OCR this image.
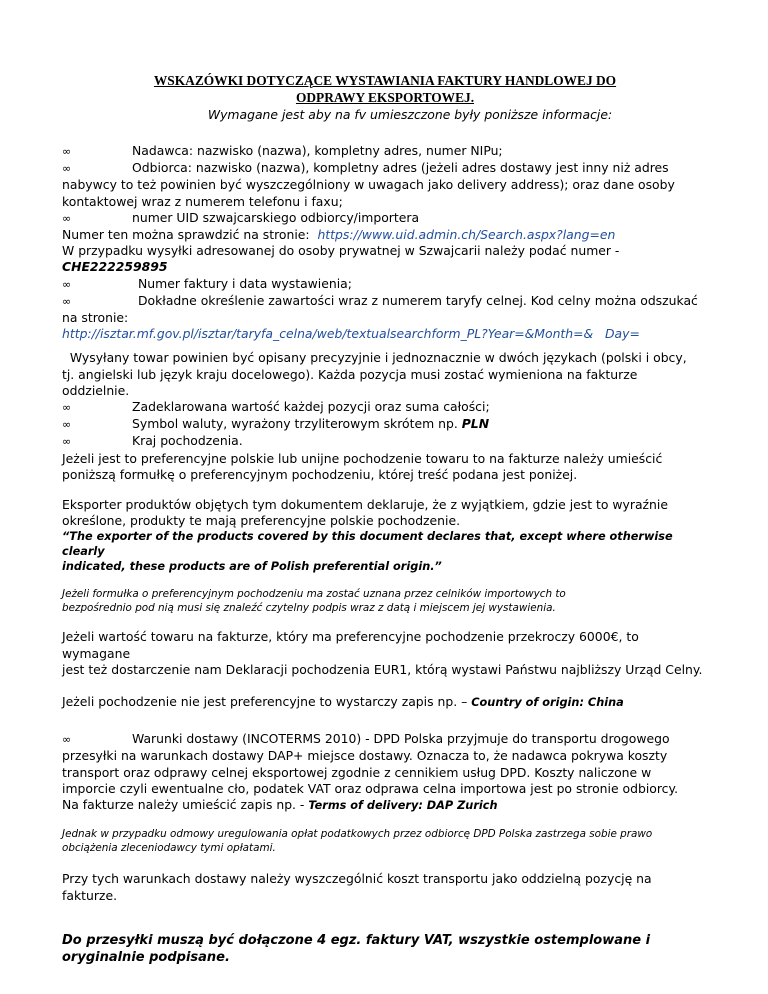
WSKAZÓWKI DOTYCZĄCE WYSTAWIANIA FAKTURY HANDLOWEJ DO
ODPRAWY EKSPORTOWEJ.
Wymagane jest aby na fv umieszczone były poniższe informacje:

∞	Nadawca: nazwisko (nazwa), kompletny adres, numer NIPu;

∞	Odbiorca: nazwisko (nazwa), kompletny adres (jeżeli adres dostawy jest inny niż adres

nabywcy to też powinien być wyszczególniony w uwagach jako delivery address); oraz dane osoby

kontaktowej wraz z numerem telefonu i faxu;

∞	numer UID szwajcarskiego odbiorcy/importera

Numer ten można sprawdzić na stronie: https://www.uid.admin.ch/Search.aspx?lang=en

W przypadku wysyłki adresowanej do osoby prywatnej w Szwajcarii należy podać numer -

CHE222259895

∞	Numer faktury i data wystawienia;

∞	Dokładne określenie zawartości wraz z numerem taryfy celnej. Kod celny można odszukać

na stronie:

http://isztar.mf.gov.pl/isztar/taryfa_celna/web/textualsearchform_PL?Year=&Month=&   Day=

Wysyłany towar powinien być opisany precyzyjnie i jednoznacznie w dwóch językach (polski i obcy,

tj. angielski lub język kraju docelowego). Każda pozycja musi zostać wymieniona na fakturze

oddzielnie.

∞	Zadeklarowana wartość każdej pozycji oraz suma całości;

∞	Symbol waluty, wyrażony trzyliterowym skrótem np. PLN

∞	Kraj pochodzenia.

Jeżeli jest to preferencyjne polskie lub unijne pochodzenie towaru to na fakturze należy umieścić

poniższą formułkę o preferencyjnym pochodzeniu, której treść podana jest poniżej.

Eksporter produktów objętych tym dokumentem deklaruje, że z wyjątkiem, gdzie jest to wyraźnie

określone, produkty te mają preferencyjne polskie pochodzenie.

“The exporter of the products covered by this document declares that, except where otherwise clearly

indicated, these products are of Polish preferential origin.”

Jeżeli formułka o preferencyjnym pochodzeniu ma zostać uznana przez celników importowych to

bezpośrednio pod nią musi się znaleźć czytelny podpis wraz z datą i miejscem jej wystawienia.

Jeżeli wartość towaru na fakturze, który ma preferencyjne pochodzenie przekroczy 6000€, to wymagane

jest też dostarczenie nam Deklaracji pochodzenia EUR1, którą wystawi Państwu najbliższy Urząd Celny.

Jeżeli pochodzenie nie jest preferencyjne to wystarczy zapis np. – Country of origin: China

∞	Warunki dostawy (INCOTERMS 2010) - DPD Polska przyjmuje do transportu drogowego

przesyłki na warunkach dostawy DAP+ miejsce dostawy. Oznacza to, że nadawca pokrywa koszty

transport oraz odprawy celnej eksportowej zgodnie z cennikiem usług DPD. Koszty naliczone w

imporcie czyli ewentualne cło, podatek VAT oraz odprawa celna importowa jest po stronie odbiorcy.

Na fakturze należy umieścić zapis np. - Terms of delivery: DAP Zurich

Jednak w przypadku odmowy uregulowania opłat podatkowych przez odbiorcę DPD Polska zastrzega sobie prawo

obciążenia zleceniodawcy tymi opłatami.

Przy tych warunkach dostawy należy wyszczególnić koszt transportu jako oddzielną pozycję na fakturze.

Do przesyłki muszą być dołączone 4 egz. faktury VAT, wszystkie ostemplowane i

oryginalnie podpisane.
